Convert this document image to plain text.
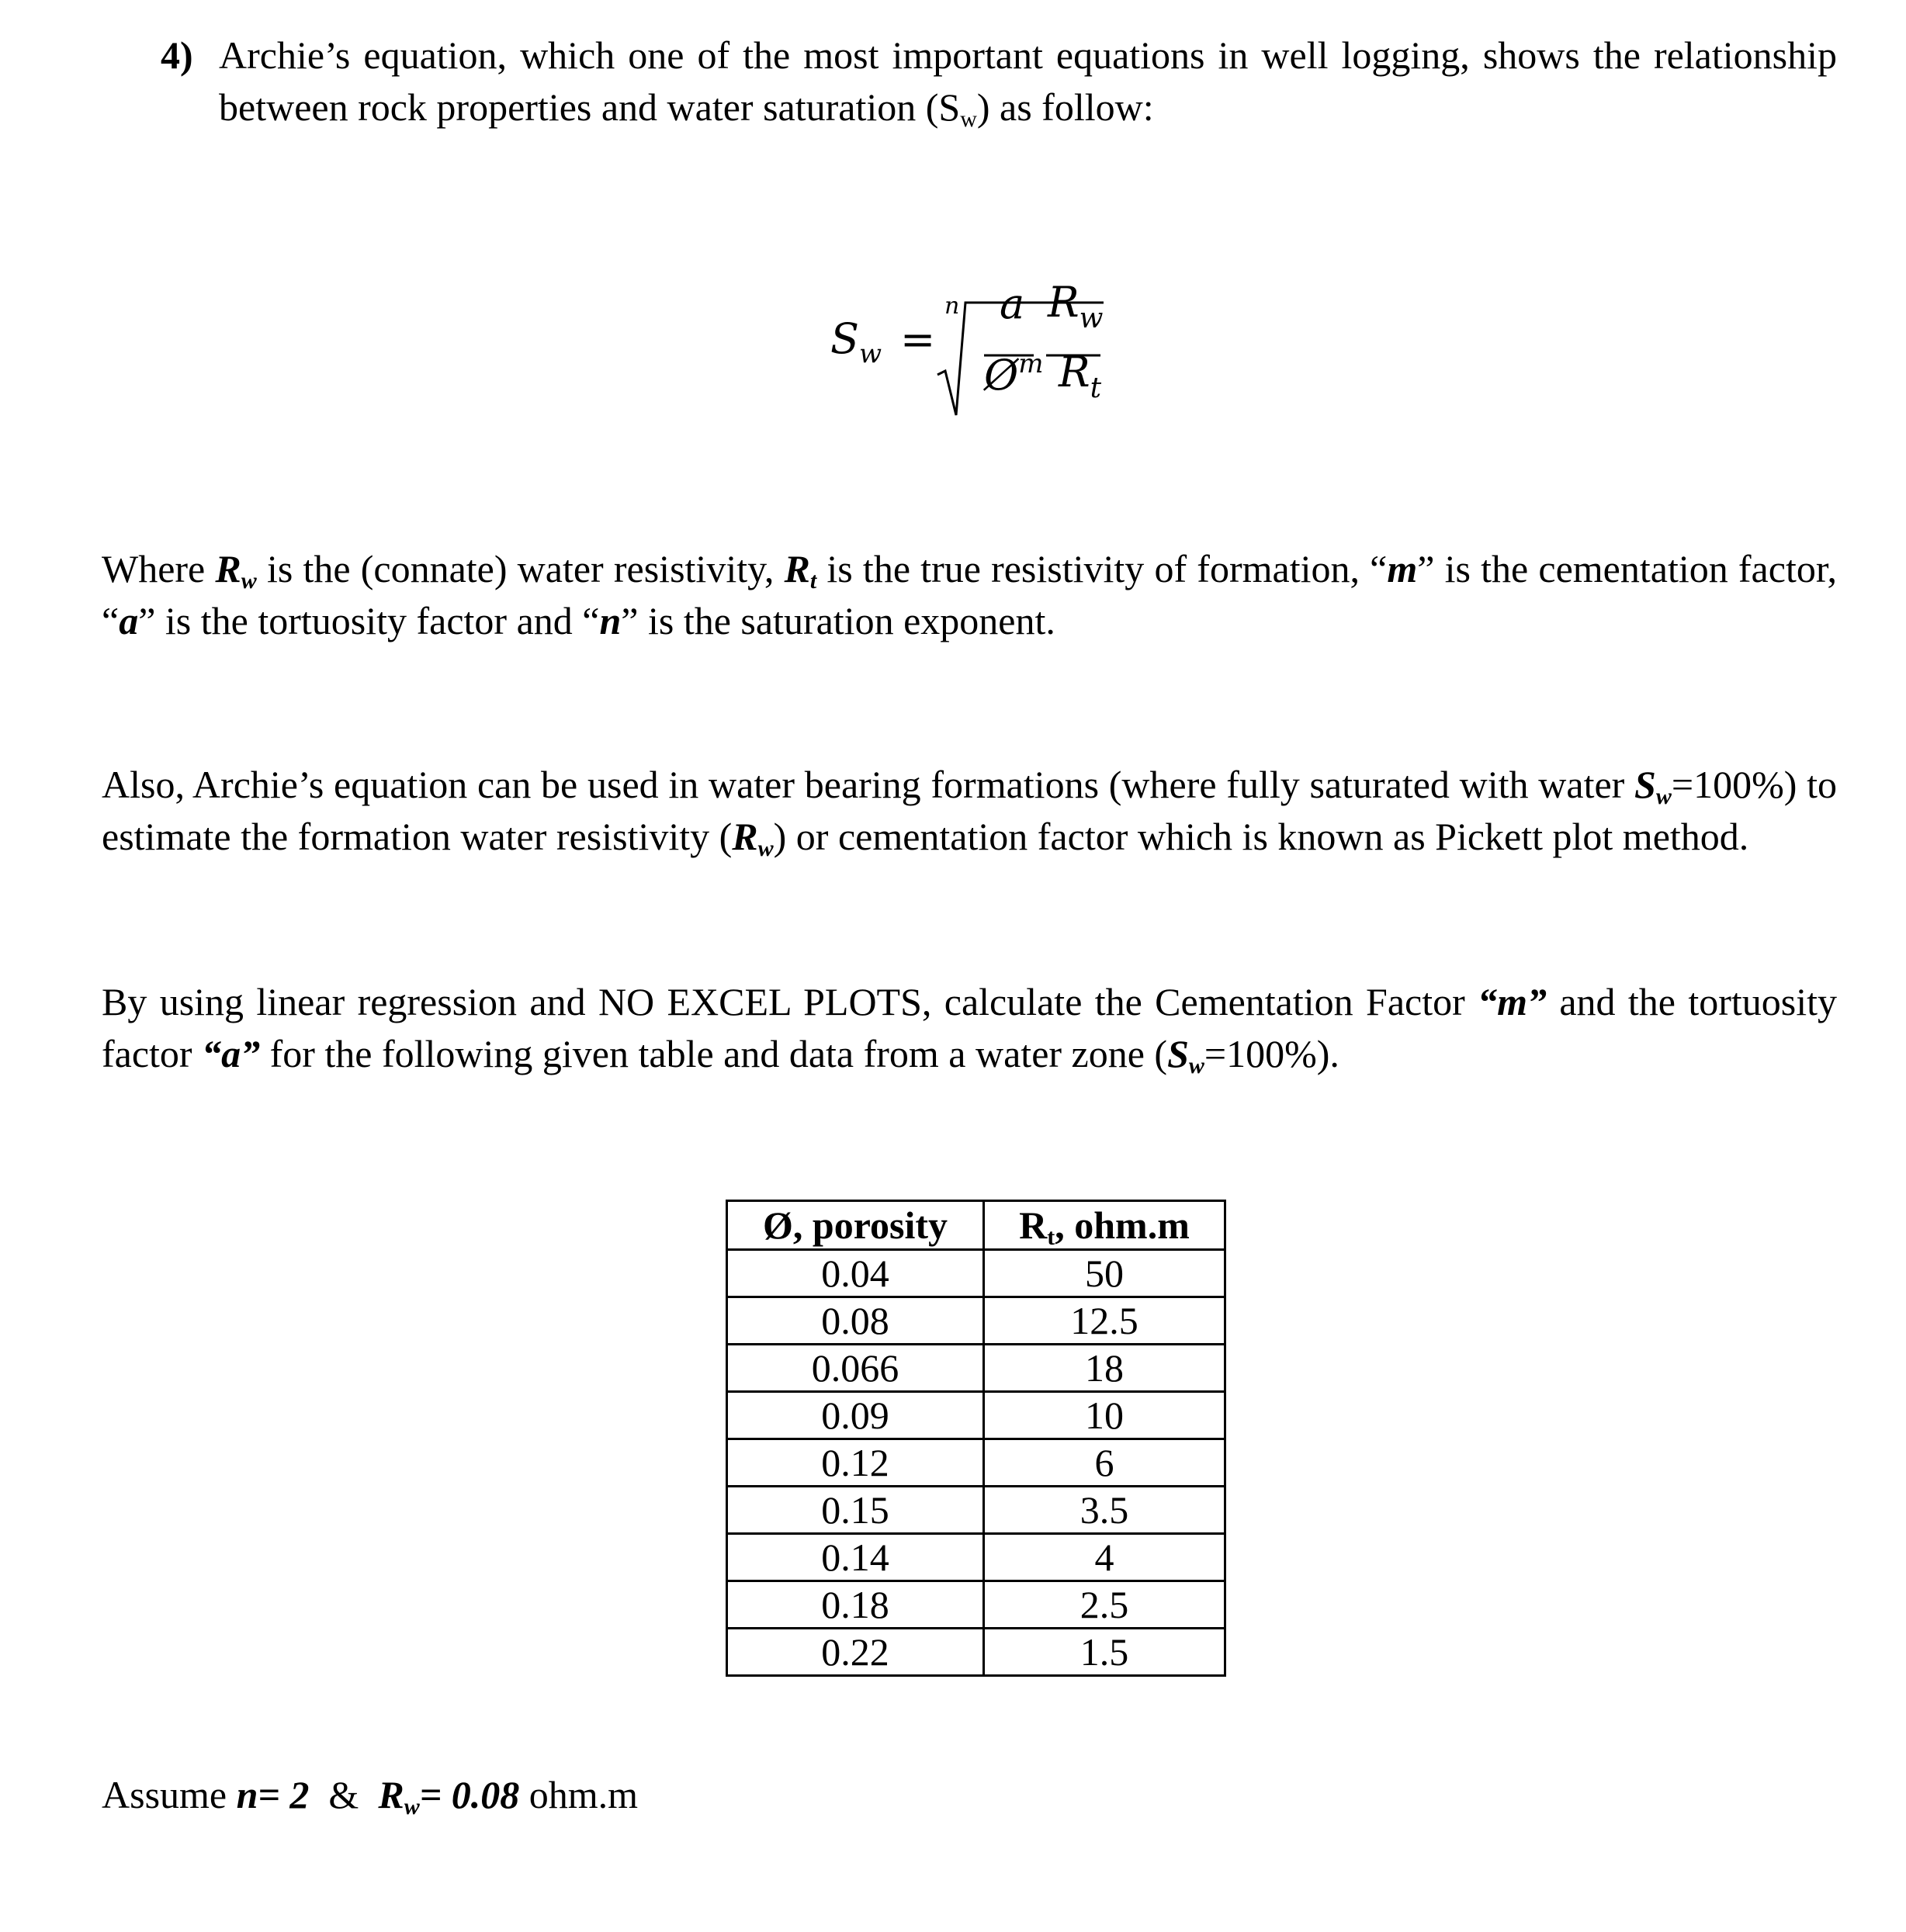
4) Archie’s equation, which one of the most important equations in well logging, shows the relationship between rock properties and water saturation $(S_w)$ as follow:

$S_w$ =
n a $R_w$
$Ø^m$ $R_t$

Where $R_w$ is the (connate) water resistivity, $R_t$ is the true resistivity of formation, “m” is the cementation factor, “a” is the tortuosity factor and “n” is the saturation exponent.

Also, Archie’s equation can be used in water bearing formations (where fully saturated with water $S_w=100\%$) to estimate the formation water resistivity $(R_w)$ or cementation factor which is known as Pickett plot method.

By using linear regression and NO EXCEL PLOTS, calculate the Cementation Factor “m” and the tortuosity factor “a” for the following given table and data from a water zone $(S_w=100\%)$.

Ø, porosity	$R_t$, ohm.m
0.04	50
0.08	12.5
0.066	18
0.09	10
0.12	6
0.15	3.5
0.14	4
0.18	2.5
0.22	1.5

Assume n= 2  &  $R_w= 0.08$ ohm.m
